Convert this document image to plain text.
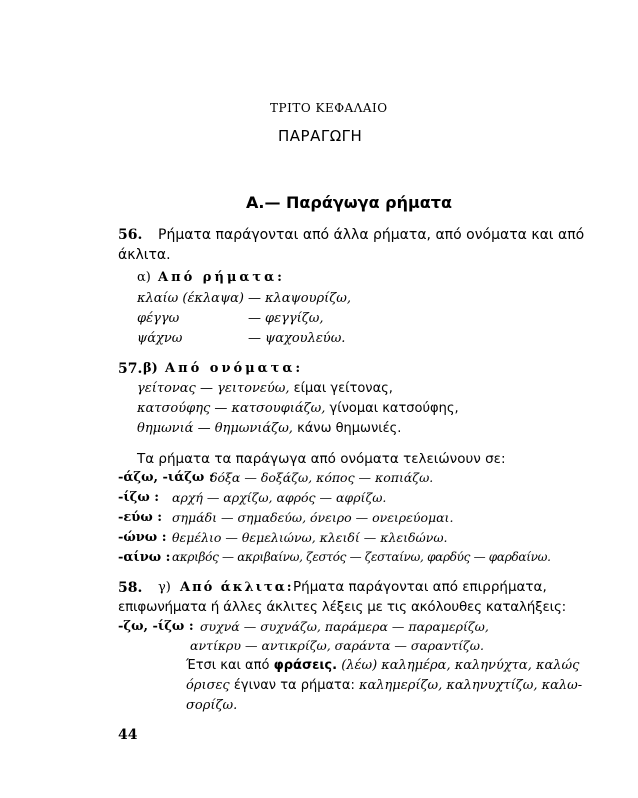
ΤΡΙΤΟ ΚΕΦΑΛΑΙΟ
ΠΑΡΑΓΩΓΗ
Α.— Παράγωγα ρήματα
56. Ρήματα παράγονται από άλλα ρήματα, από ονόματα και από
άκλιτα.
α) Από ρήματα:
κλαίω (έκλαψα) — κλαψουρίζω,
φέγγω	— φεγγίζω,
ψάχνω	— ψαχουλεύω.
57. β) Από ονόματα:
γείτονας — γειτονεύω, είμαι γείτονας,
κατσούφης — κατσουφιάζω, γίνομαι κατσούφης,
θημωνιά — θημωνιάζω, κάνω θημωνιές.
Τα ρήματα τα παράγωγα από ονόματα τελειώνουν σε:
-άζω, -ιάζω :
δόξα — δοξάζω, κόπος — κοπιάζω.
-ίζω : αρχή — αρχίζω, αφρός — αφρίζω.
-εύω : σημάδι — σημαδεύω, όνειρο — ονειρεύομαι.
-ώνω : θεμέλιο — θεμελιώνω, κλειδί — κλειδώνω.
-αίνω : ακριβός — ακριβαίνω, ζεστός — ζεσταίνω, φαρδύς — φαρδαίνω.
58. γ) Από άκλιτα: Ρήματα παράγονται από επιρρήματα,
επιφωνήματα ή άλλες άκλιτες λέξεις με τις ακόλουθες καταλήξεις:
-ζω, -ίζω : συχνά — συχνάζω, παράμερα — παραμερίζω,
αντίκρυ — αντικρίζω, σαράντα — σαραντίζω.
Έτσι και από φράσεις. (λέω) καλημέρα, καληνύχτα, καλώς
όρισες έγιναν τα ρήματα: καλημερίζω, καληνυχτίζω, καλω-
σορίζω.
44
